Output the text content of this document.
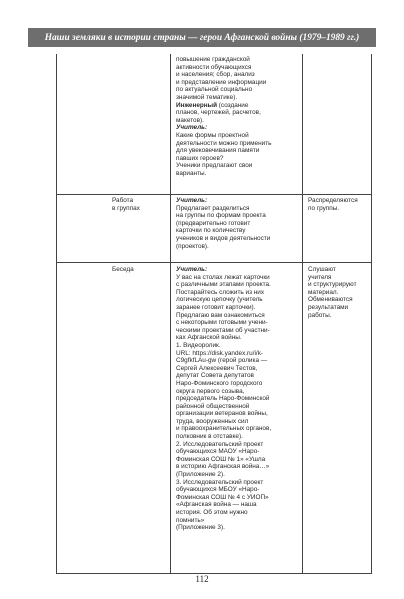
Наши земляки в истории страны — герои Афганской войны (1979–1989 гг.)
повышение гражданской
активности обучающихся
и населения; сбор, анализ
и представление информации
по актуальной социально
значимой тематике).
Инженерный (создание
планов, чертежей, расчетов,
макетов).
Учитель:
Какие формы проектной
деятельности можно применить
для увековечивания памяти
павших героев?
Ученики предлагают свои
варианты.
Работа
в группах
Учитель:
Предлагает разделиться
на группы по формам проекта
(предварительно готовит
карточки по количеству
учеников и видов деятельности
(проектов).
Распределяются
по группы.
Беседа	Учитель:
У вас на столах лежат карточки
с различными этапами проекта.
Постарайтесь сложить из них
логическую цепочку (учитель
заранее готовит карточки).
Предлагаю вам ознакомиться
с некоторыми готовыми учени-
ческими проектами об участни-
ках Афганской войны.
1. Видеоролик.
URL: https://disk.yandex.ru/i/k-
C9gfkfLAu-gw (герой ролика —
Сергей Алексеевич Тестов,
депутат Совета депутатов
Наро-Фоминского городского
округа первого созыва,
председатель Наро-Фоминской
районной общественной
организации ветеранов войны,
труда, вооруженных сил
и правоохранительных органов,
полковник в отставке).
2. Исследовательский проект
обучающихся МАОУ «Наро-
Фоминская СОШ № 1» «Ушла
в историю Афганская война…»
(Приложение 2).
3. Исследовательский проект
обучающихся МБОУ «Наро-
Фоминская СОШ № 4 с УИОП»
«Афганская война — наша
история. Об этом нужно
помнить»
(Приложение 3).
Слушают
учителя
и структурируют
материал.
Обмениваются
результатами
работы.
112
